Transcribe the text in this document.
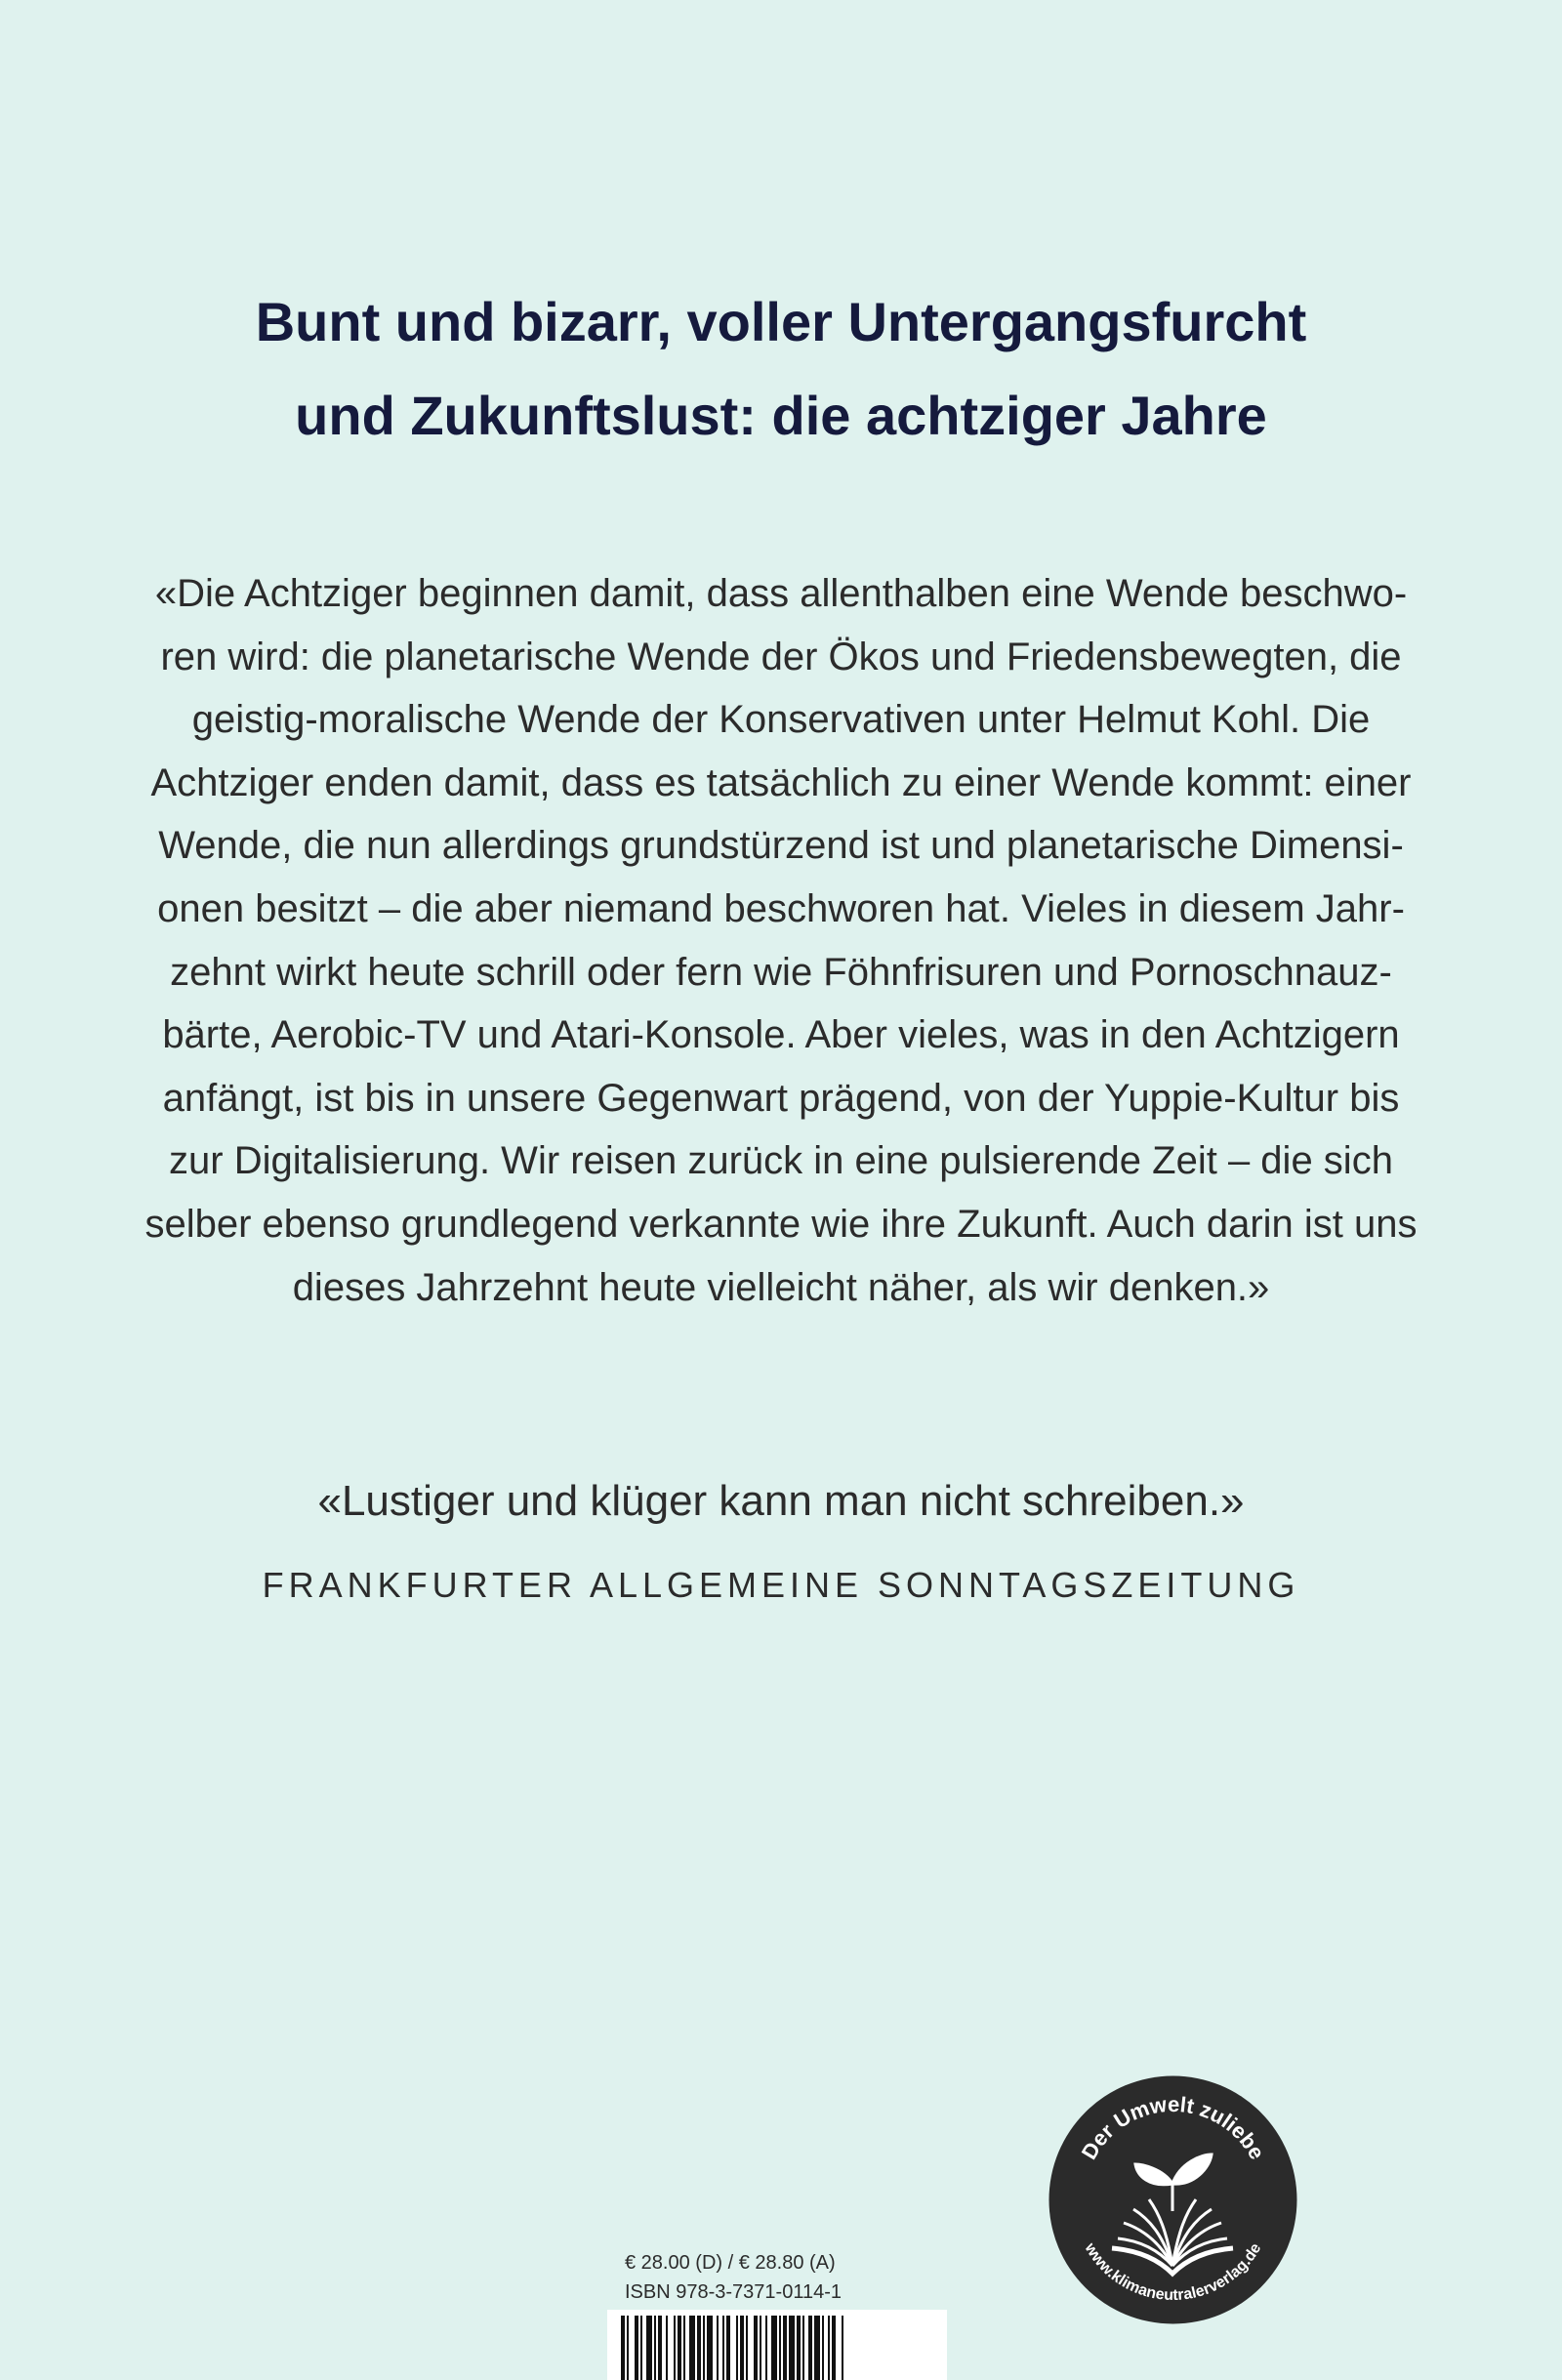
Bunt und bizarr, voller Untergangsfurcht
und Zukunftslust: die achtziger Jahre
«Die Achtziger beginnen damit, dass allenthalben eine Wende beschwo-
ren wird: die planetarische Wende der Ökos und Friedensbewegten, die
geistig-moralische Wende der Konservativen unter Helmut Kohl. Die
Achtziger enden damit, dass es tatsächlich zu einer Wende kommt: einer
Wende, die nun allerdings grundstürzend ist und planetarische Dimensi-
onen besitzt – die aber niemand beschworen hat. Vieles in diesem Jahr-
zehnt wirkt heute schrill oder fern wie Föhnfrisuren und Pornoschnauz-
bärte, Aerobic-TV und Atari-Konsole. Aber vieles, was in den Achtzigern
anfängt, ist bis in unsere Gegenwart prägend, von der Yuppie-Kultur bis
zur Digitalisierung. Wir reisen zurück in eine pulsierende Zeit – die sich
selber ebenso grundlegend verkannte wie ihre Zukunft. Auch darin ist uns
dieses Jahrzehnt heute vielleicht näher, als wir denken.»
«Lustiger und klüger kann man nicht schreiben.»
FRANKFURTER ALLGEMEINE SONNTAGSZEITUNG
Der Umwelt zuliebe
www.klimaneutralerverlag.de
€ 28.00 (D) / € 28.80 (A)
ISBN 978-3-7371-0114-1
